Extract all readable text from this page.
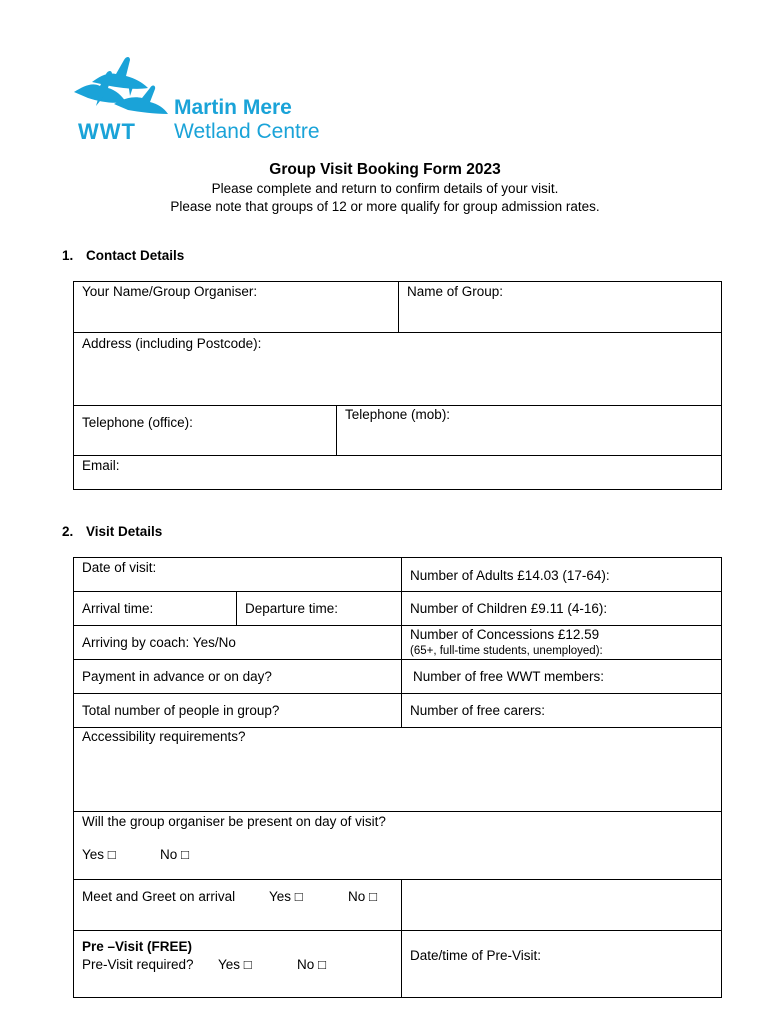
WWT
Martin Mere
Wetland Centre
Group Visit Booking Form 2023
Please complete and return to confirm details of your visit.
Please note that groups of 12 or more qualify for group admission rates.
1. Contact Details
Your Name/Group Organiser:	Name of Group:
Address (including Postcode):
Telephone (office):
Telephone (mob):
Email:
2. Visit Details
Date of visit:
Number of Adults £14.03 (17-64):
Arrival time:	Departure time:	Number of Children £9.11 (4-16):
Arriving by coach: Yes/No
Number of Concessions £12.59
(65+, full-time students, unemployed):
Payment in advance or on day?	Number of free WWT members:
Total number of people in group?	Number of free carers:
Accessibility requirements?
Will the group organiser be present on day of visit?
Yes □	No □
Meet and Greet on arrival	Yes □	No □
Pre –Visit (FREE)
Pre-Visit required? Yes □	No □
Date/time of Pre-Visit:
